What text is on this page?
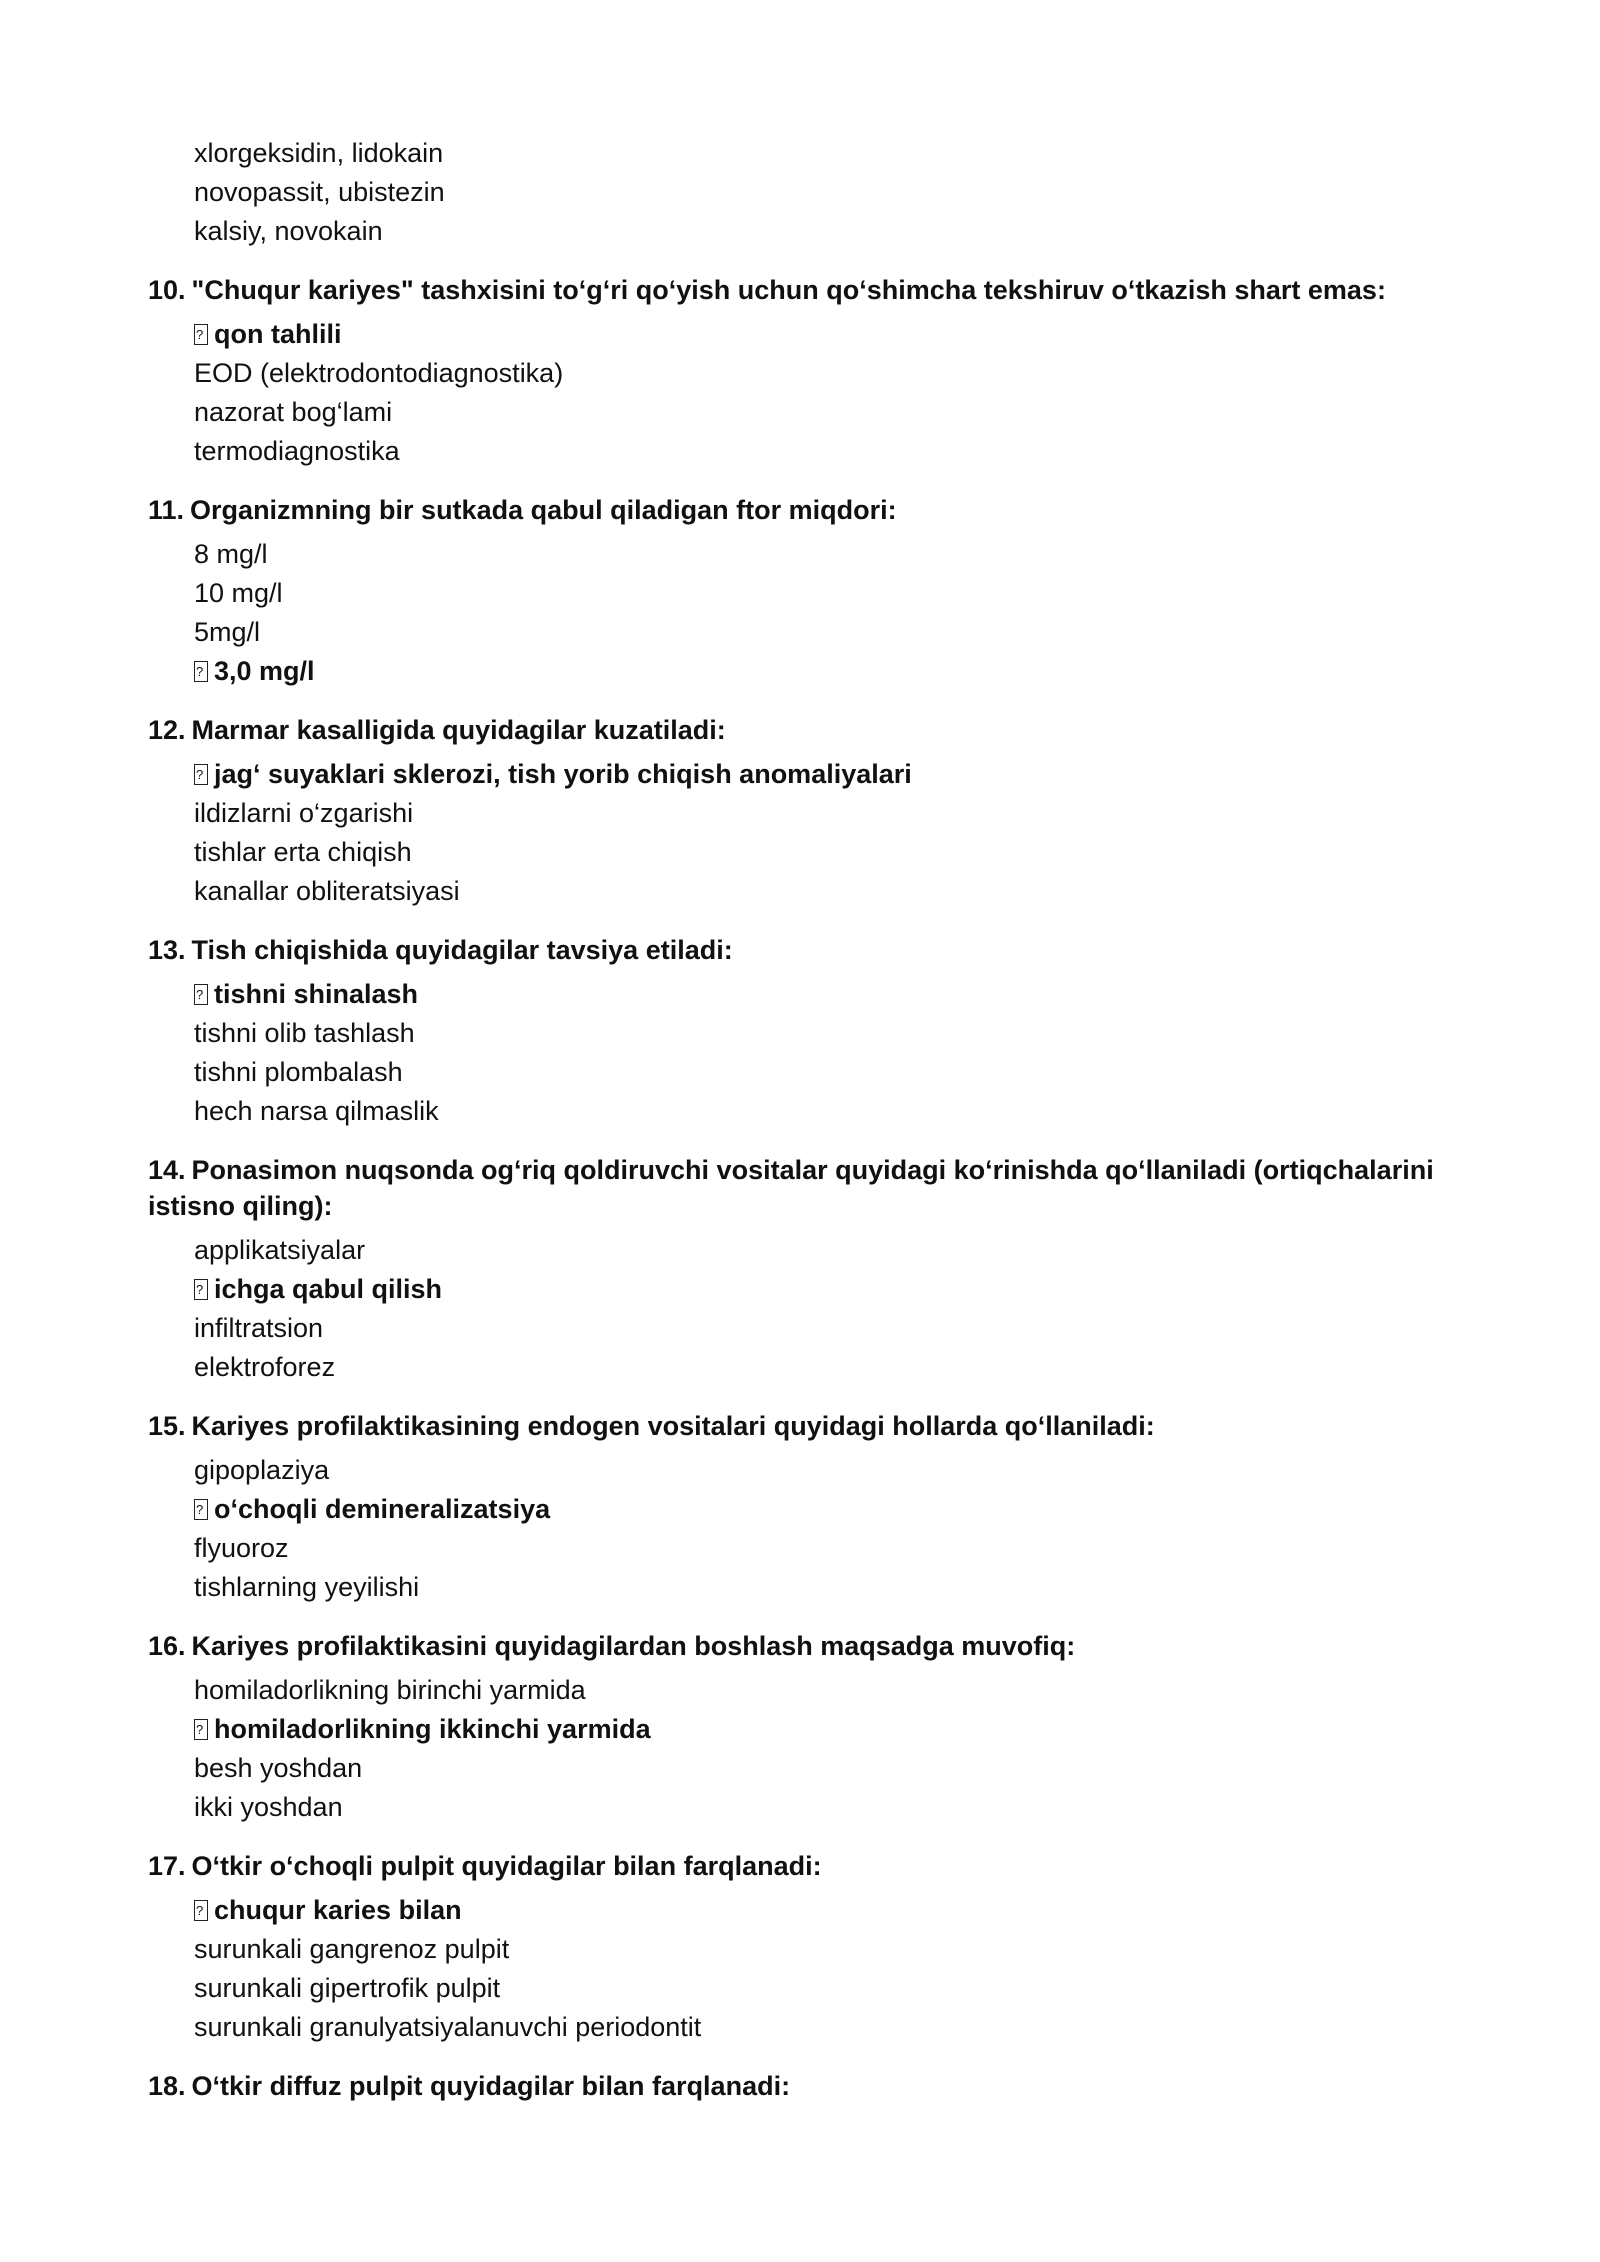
xlorgeksidin, lidokain
novopassit, ubistezin
kalsiy, novokain
10. "Chuqur kariyes" tashxisini to‘g‘ri qo‘yish uchun qo‘shimcha tekshiruv o‘tkazish shart emas:
?qon tahlili
EOD (elektrodontodiagnostika)
nazorat bog‘lami
termodiagnostika
11. Organizmning bir sutkada qabul qiladigan ftor miqdori:
8 mg/l
10 mg/l
5mg/l
?3,0 mg/l
12. Marmar kasalligida quyidagilar kuzatiladi:
?jag‘ suyaklari sklerozi, tish yorib chiqish anomaliyalari
ildizlarni o‘zgarishi
tishlar erta chiqish
kanallar obliteratsiyasi
13. Tish chiqishida quyidagilar tavsiya etiladi:
?tishni shinalash
tishni olib tashlash
tishni plombalash
hech narsa qilmaslik
14. Ponasimon nuqsonda og‘riq qoldiruvchi vositalar quyidagi ko‘rinishda qo‘llaniladi (ortiqchalarini istisno qiling):
applikatsiyalar
?ichga qabul qilish
infiltratsion
elektroforez
15. Kariyes profilaktikasining endogen vositalari quyidagi hollarda qo‘llaniladi:
gipoplaziya
?o‘choqli demineralizatsiya
flyuoroz
tishlarning yeyilishi
16. Kariyes profilaktikasini quyidagilardan boshlash maqsadga muvofiq:
homiladorlikning birinchi yarmida
?homiladorlikning ikkinchi yarmida
besh yoshdan
ikki yoshdan
17. O‘tkir o‘choqli pulpit quyidagilar bilan farqlanadi:
?chuqur karies bilan
surunkali gangrenoz pulpit
surunkali gipertrofik pulpit
surunkali granulyatsiyalanuvchi periodontit
18. O‘tkir diffuz pulpit quyidagilar bilan farqlanadi:
